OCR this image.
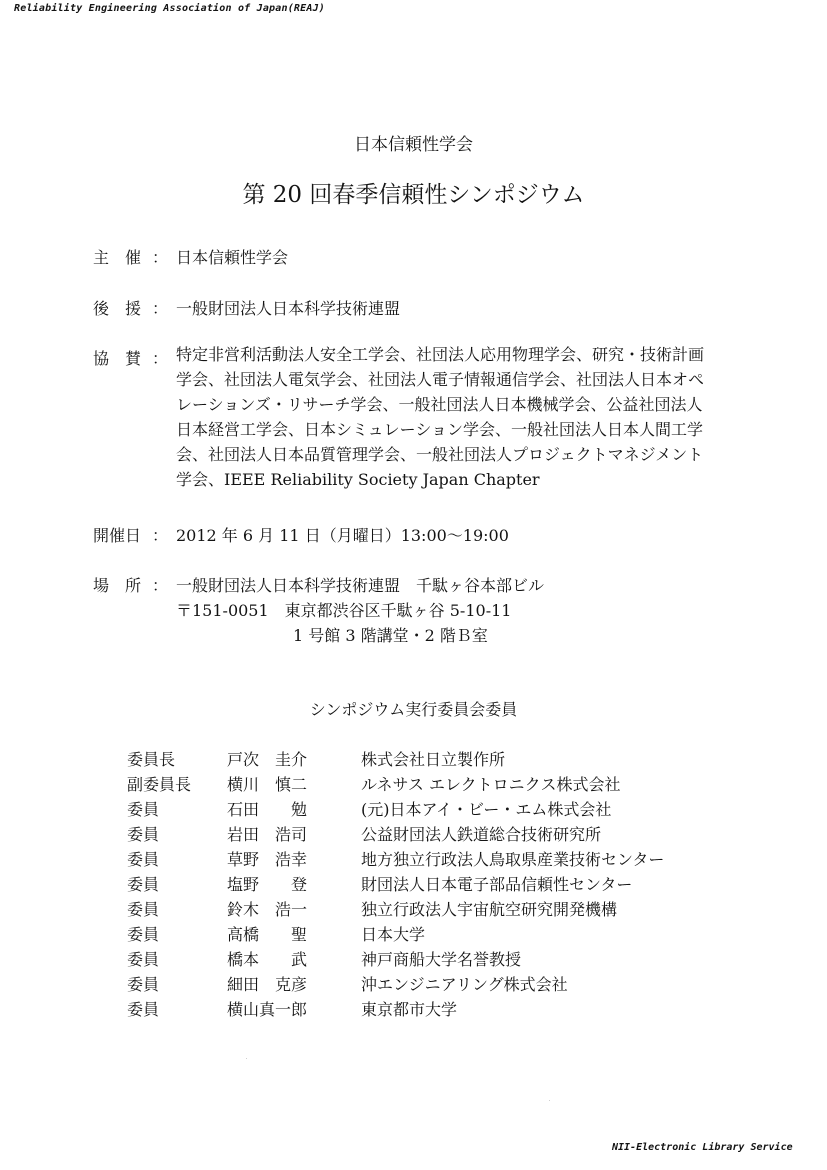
Reliability Engineering Association of Japan(REAJ)
日本信頼性学会
第 20 回春季信頼性シンポジウム
主　催 ： 日本信頼性学会
後　援 ： 一般財団法人日本科学技術連盟
協　賛 ： 特定非営利活動法人安全工学会、社団法人応用物理学会、研究・技術計画
学会、社団法人電気学会、社団法人電子情報通信学会、社団法人日本オペ
レーションズ・リサーチ学会、一般社団法人日本機械学会、公益社団法人
日本経営工学会、日本シミュレーション学会、一般社団法人日本人間工学
会、社団法人日本品質管理学会、一般社団法人プロジェクトマネジメント
学会、IEEE Reliability Society Japan Chapter
開催日 ： 2012 年 6 月 11 日（月曜日）13:00～19:00
場　所 ： 一般財団法人日本科学技術連盟　千駄ヶ谷本部ビル
〒151-0051　東京都渋谷区千駄ヶ谷 5-10-11
1 号館 3 階講堂・2 階Ｂ室
シンポジウム実行委員会委員
委員長	戸次　圭介	株式会社日立製作所
副委員長	横川　慎二	ルネサス エレクトロニクス株式会社
委員	石田　　勉	(元)日本アイ・ビー・エム株式会社
委員	岩田　浩司	公益財団法人鉄道総合技術研究所
委員	草野　浩幸	地方独立行政法人鳥取県産業技術センター
委員	塩野　　登	財団法人日本電子部品信頼性センター
委員	鈴木　浩一	独立行政法人宇宙航空研究開発機構
委員	高橋　　聖	日本大学
委員	橋本　　武	神戸商船大学名誉教授
委員	細田　克彦	沖エンジニアリング株式会社
委員	横山真一郎	東京都市大学
NII-Electronic Library Service
